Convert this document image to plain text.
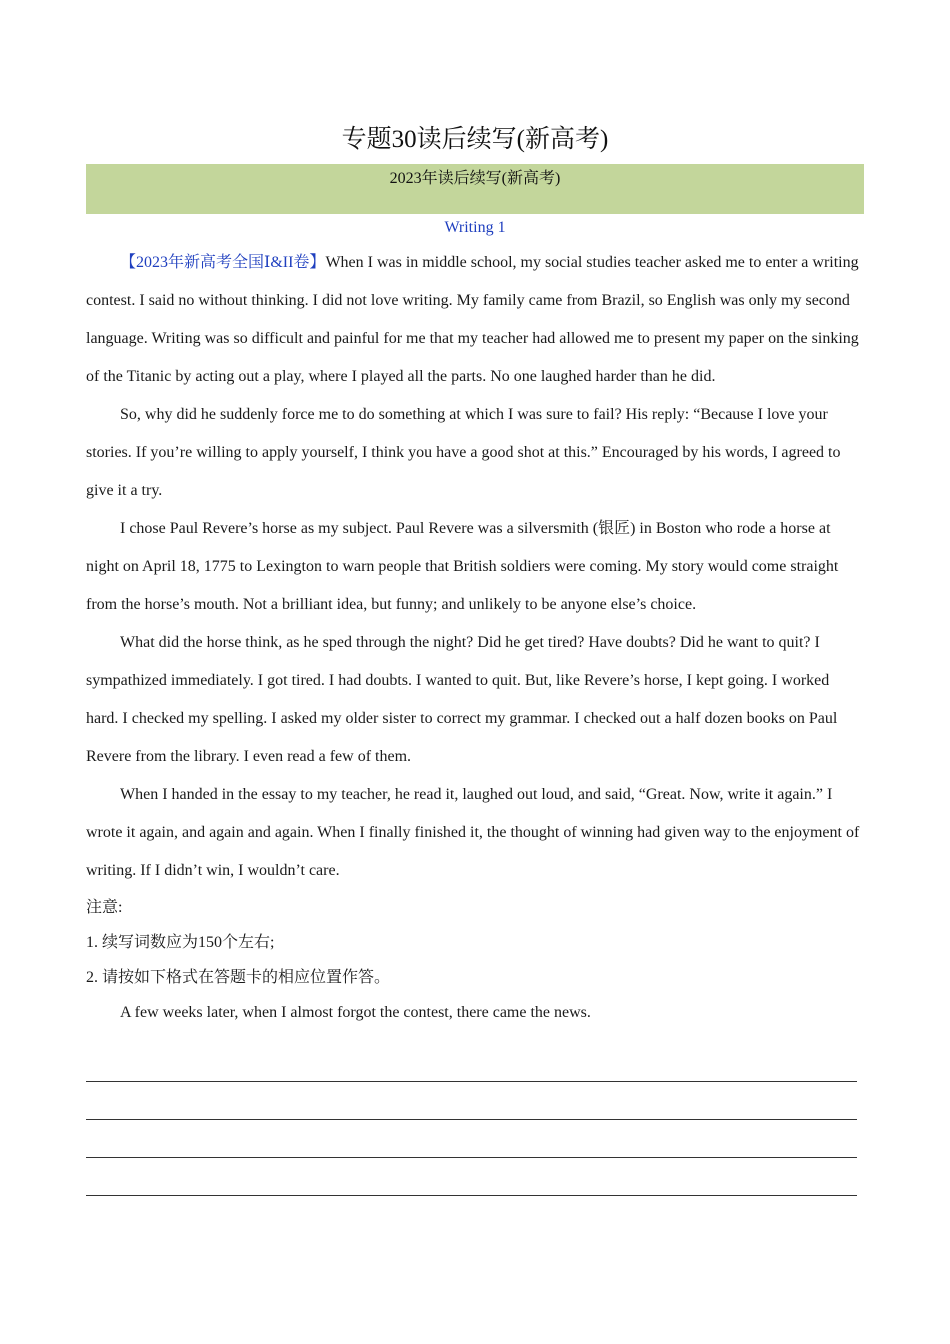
专题30读后续写(新高考)
2023年读后续写(新高考)
Writing 1

【2023年新高考全国Ⅰ&II卷】When I was in middle school, my social studies teacher asked me to enter a writing contest. I said no without thinking. I did not love writing. My family came from Brazil, so English was only my second language. Writing was so difficult and painful for me that my teacher had allowed me to present my paper on the sinking of the Titanic by acting out a play, where I played all the parts. No one laughed harder than he did.

So, why did he suddenly force me to do something at which I was sure to fail? His reply: “Because I love your stories. If you’re willing to apply yourself, I think you have a good shot at this.” Encouraged by his words, I agreed to give it a try.

I chose Paul Revere’s horse as my subject. Paul Revere was a silversmith (银匠) in Boston who rode a horse at night on April 18, 1775 to Lexington to warn people that British soldiers were coming. My story would come straight from the horse’s mouth. Not a brilliant idea, but funny; and unlikely to be anyone else’s choice.

What did the horse think, as he sped through the night? Did he get tired? Have doubts? Did he want to quit? I sympathized immediately. I got tired. I had doubts. I wanted to quit. But, like Revere’s horse, I kept going. I worked hard. I checked my spelling. I asked my older sister to correct my grammar. I checked out a half dozen books on Paul Revere from the library. I even read a few of them.

When I handed in the essay to my teacher, he read it, laughed out loud, and said, “Great. Now, write it again.” I wrote it again, and again and again. When I finally finished it, the thought of winning had given way to the enjoyment of writing. If I didn’t win, I wouldn’t care.

注意:

1. 续写词数应为150个左右;

2. 请按如下格式在答题卡的相应位置作答。

A few weeks later, when I almost forgot the contest, there came the news.
